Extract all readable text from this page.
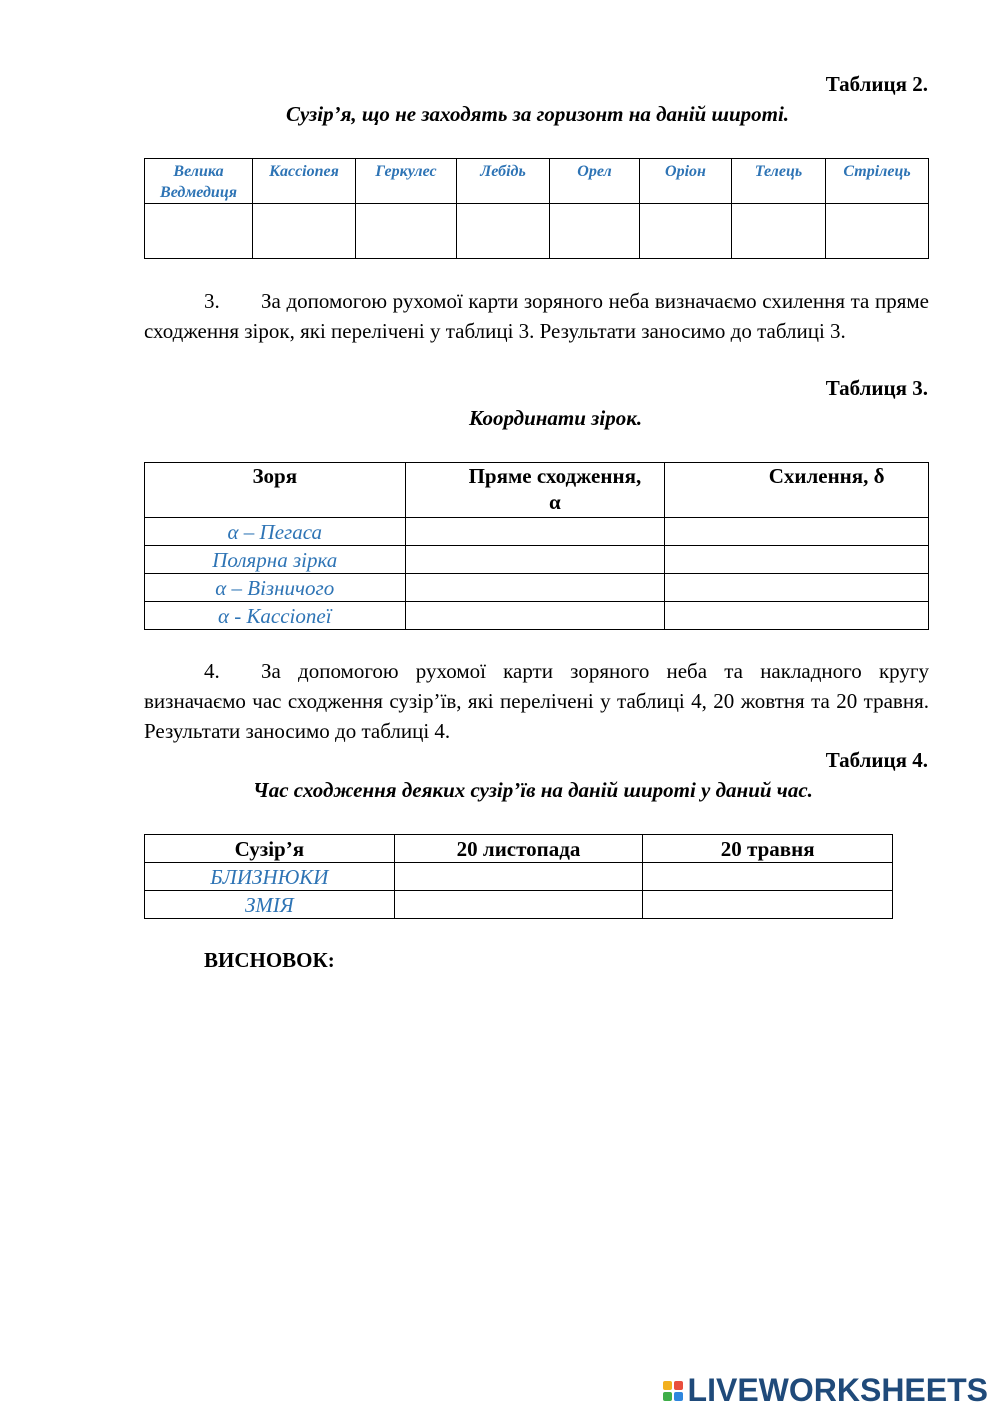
Таблиця 2.
Сузір’я, що не заходять за горизонт на даній широті.
Велика Ведмедиця	Кассіопея	Геркулес	Лебідь	Орел	Оріон	Телець	Стрілець

3. За допомогою рухомої карти зоряного неба визначаємо схилення та пряме сходження зірок, які перелічені у таблиці 3. Результати заносимо до таблиці 3.
Таблиця 3.
Координати зірок.
Зоря	Пряме сходження, α	Схилення, δ
α – Пегаса		
Полярна зірка		
α – Візничого		
α - Кассіопеї		
4. За допомогою рухомої карти зоряного неба та накладного кругу визначаємо час сходження сузір’їв, які перелічені у таблиці 4, 20 жовтня та 20 травня. Результати заносимо до таблиці 4.
Таблиця 4.
Час сходження деяких сузір’їв на даній широті у даний час.
Сузір’я	20 листопада	20 травня
БЛИЗНЮКИ		
ЗМІЯ		
ВИСНОВОК:
LIVEWORKSHEETS
